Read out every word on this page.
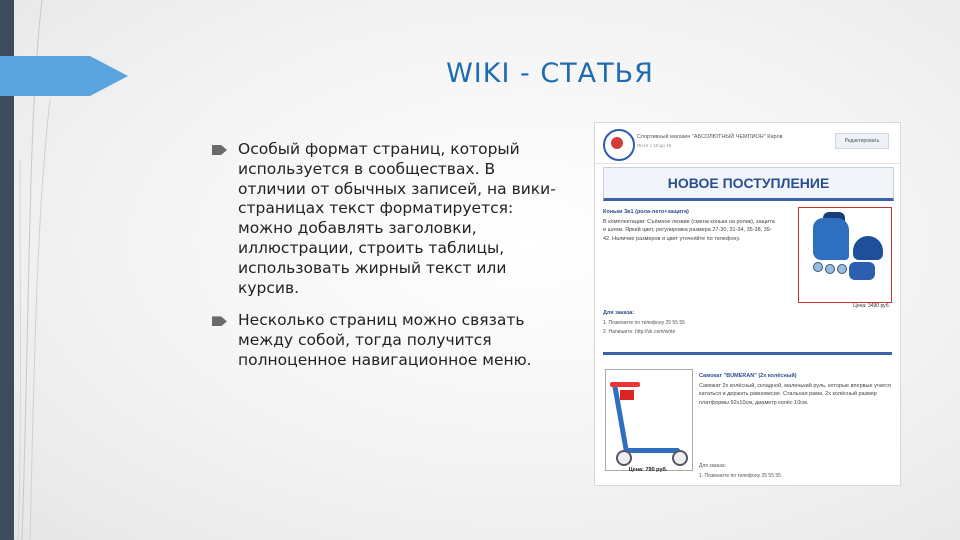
WIKI - СТАТЬЯ
Особый формат страниц, который используется в сообществах. В отличии от обычных записей, на вики-страницах текст форматируется: можно добавлять заголовки, иллюстрации, строить таблицы, использовать жирный текст или курсив.
Несколько страниц можно связать между собой, тогда получится полноценное навигационное меню.
Спортивный магазин "АБСОЛЮТНЫЙ ЧЕМПИОН" Киров
Пн-пт с 10 до 19
Редактировать
НОВОЕ ПОСТУПЛЕНИЕ
Коньки 3в1 (рола-лето+защита)
В комплектации: Съёмное лезвие (смена конька на ролик), защита и шлем. Яркий цвет, регулировка размера 27-30, 31-34, 35-38, 39-42. Наличие размеров и цвет уточняйте по телефону.
Цена: 3490 руб.
Для заказа:
1. Позвоните по телефону 25 55 55
2. Напишите: http://vk.com/write
Цена: 790 руб.
Самокат "BUMERAN" (2х колёсный)
Самокат 2х колёсный, складной, маленький руль, которые впервые учатся кататься и держать равновесие. Стальная рама, 2х колёсный размер платформы 92x10см, диаметр колёс 10см.
Для заказа:
1. Позвоните по телефону 25 55 55
